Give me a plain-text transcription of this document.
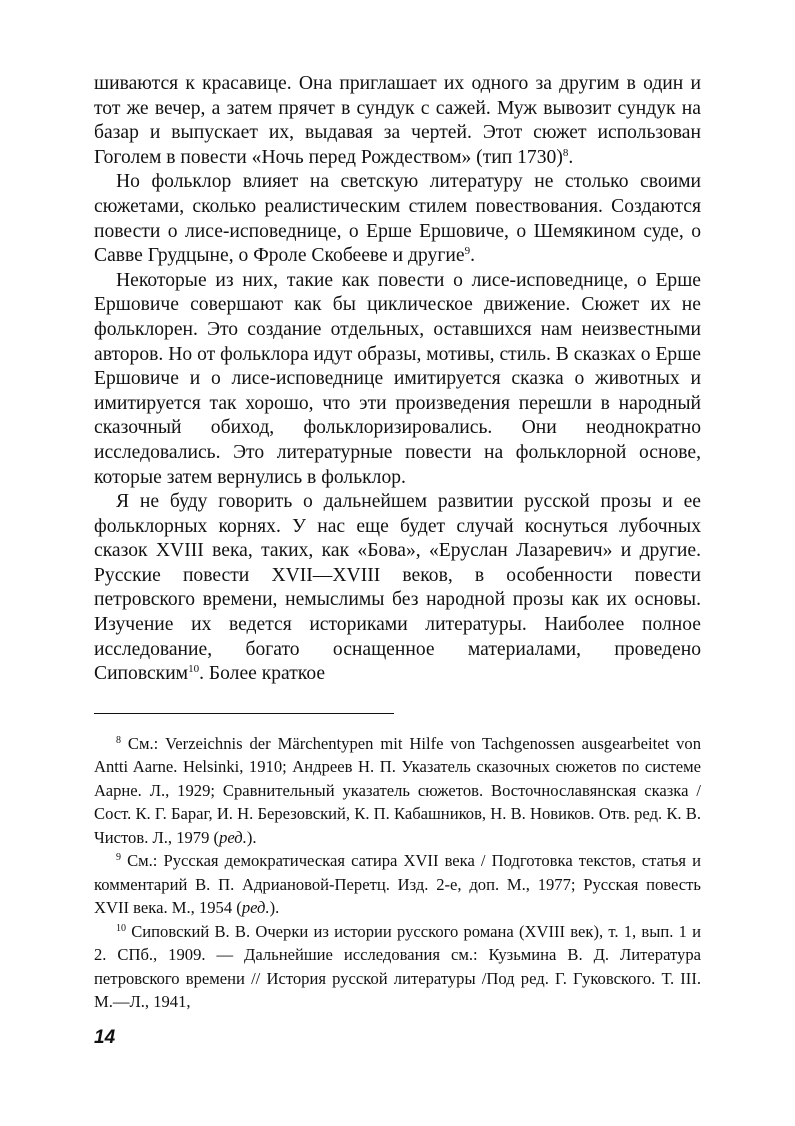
шиваются к красавице. Она приглашает их одного за другим в один и тот же вечер, а затем прячет в сундук с сажей. Муж вывозит сундук на базар и выпускает их, выдавая за чертей. Этот сюжет использован Гоголем в повести «Ночь перед Рождеством» (тип 1730)$^8$.

Но фольклор влияет на светскую литературу не столько своими сюжетами, сколько реалистическим стилем повествования. Создаются повести о лисе-исповеднице, о Ерше Ершовиче, о Шемякином суде, о Савве Грудцыне, о Фроле Скобееве и другие$^9$.

Некоторые из них, такие как повести о лисе-исповеднице, о Ерше Ершовиче совершают как бы циклическое движение. Сюжет их не фольклорен. Это создание отдельных, оставшихся нам неизвестными авторов. Но от фольклора идут образы, мотивы, стиль. В сказках о Ерше Ершовиче и о лисе-исповеднице имитируется сказка о животных и имитируется так хорошо, что эти произведения перешли в народный сказочный обиход, фольклоризировались. Они неоднократно исследовались. Это литературные повести на фольклорной основе, которые затем вернулись в фольклор.

Я не буду говорить о дальнейшем развитии русской прозы и ее фольклорных корнях. У нас еще будет случай коснуться лубочных сказок XVIII века, таких, как «Бова», «Еруслан Лазаревич» и другие. Русские повести XVII—XVIII веков, в особенности повести петровского времени, немыслимы без народной прозы как их основы. Изучение их ведется историками литературы. Наиболее полное исследование, богато оснащенное материалами, проведено Сиповским$^{10}$. Более краткое

$^8$ См.: Verzeichnis der Märchentypen mit Hilfe von Tachgenossen ausgearbeitet von Antti Aarne. Helsinki, 1910; Андреев Н. П. Указатель сказочных сюжетов по системе Аарне. Л., 1929; Сравнительный указатель сюжетов. Восточнославянская сказка / Сост. К. Г. Бараг, И. Н. Березовский, К. П. Кабашников, Н. В. Новиков. Отв. ред. К. В. Чистов. Л., 1979 (ред.).

$^9$ См.: Русская демократическая сатира XVII века / Подготовка текстов, статья и комментарий В. П. Адриановой-Перетц. Изд. 2-е, доп. М., 1977; Русская повесть XVII века. М., 1954 (ред.).

$^{10}$ Сиповский В. В. Очерки из истории русского романа (XVIII век), т. 1, вып. 1 и 2. СПб., 1909. — Дальнейшие исследования см.: Кузьмина В. Д. Литература петровского времени // История русской литературы /Под ред. Г. Гуковского. Т. III. М.—Л., 1941,

14
